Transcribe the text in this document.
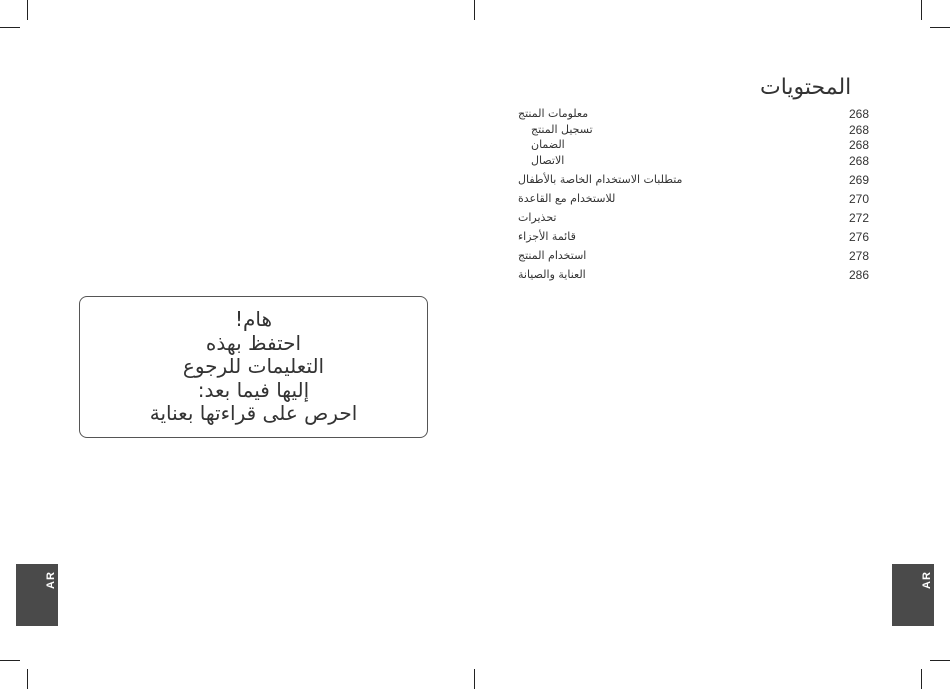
هام!
احتفظ بهذه
التعليمات للرجوع
إليها فيما بعد:
احرص على قراءتها بعناية
المحتويات
معلومات المنتج	268
تسجيل المنتج	268
الضمان	268
الاتصال	268
متطلبات الاستخدام الخاصة بالأطفال	269
للاستخدام مع القاعدة	270
تحذيرات	272
قائمة الأجزاء	276
استخدام المنتج	278
العناية والصيانة	286
AR	AR
